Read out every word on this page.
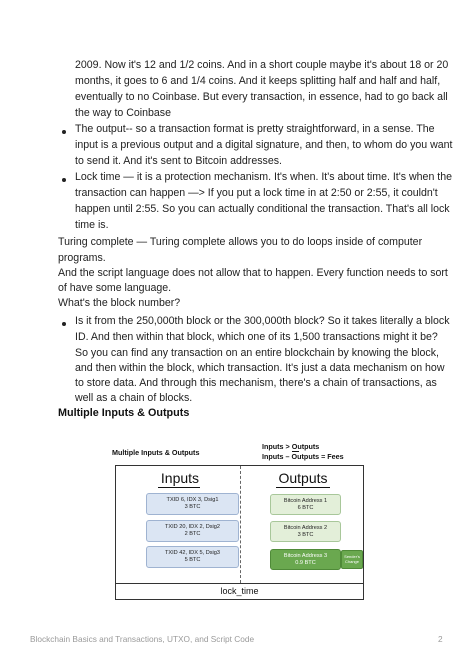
2009. Now it's 12 and 1/2 coins. And in a short couple maybe it's about 18 or 20
months, it goes to 6 and 1/4 coins. And it keeps splitting half and half and half,
eventually to no Coinbase. But every transaction, in essence, had to go back all
the way to Coinbase
The output-- so a transaction format is pretty straightforward, in a sense. The
input is a previous output and a digital signature, and then, to whom do you want
to send it. And it's sent to Bitcoin addresses.
Lock time — it is a protection mechanism. It's when. It's about time. It's when the
transaction can happen —> If you put a lock time in at 2:50 or 2:55, it couldn't
happen until 2:55. So you can actually conditional the transaction. That's all lock
time is.
Turing complete — Turing complete allows you to do loops inside of computer
programs.
And the script language does not allow that to happen. Every function needs to sort
of have some language.
What's the block number?
Is it from the 250,000th block or the 300,000th block? So it takes literally a block
ID. And then within that block, which one of its 1,500 transactions might it be?
So you can find any transaction on an entire blockchain by knowing the block,
and then within the block, which transaction. It's just a data mechanism on how
to store data. And through this mechanism, there's a chain of transactions, as
well as a chain of blocks.
Multiple Inputs & Outputs
Multiple Inputs & Outputs
Inputs > Outputs
Inputs – Outputs = Fees
Inputs	Outputs
TXID 6, IDX 3, Dsig1
3 BTC
TXID 20, IDX 2, Dsig2
2 BTC
TXID 42, IDX 5, Dsig3
5 BTC
Bitcoin Address 1
6 BTC
Bitcoin Address 2
3 BTC
Bitcoin Address 3
0.9 BTC
Sender's
Change
lock_time
Blockchain Basics and Transactions, UTXO, and Script Code	2
